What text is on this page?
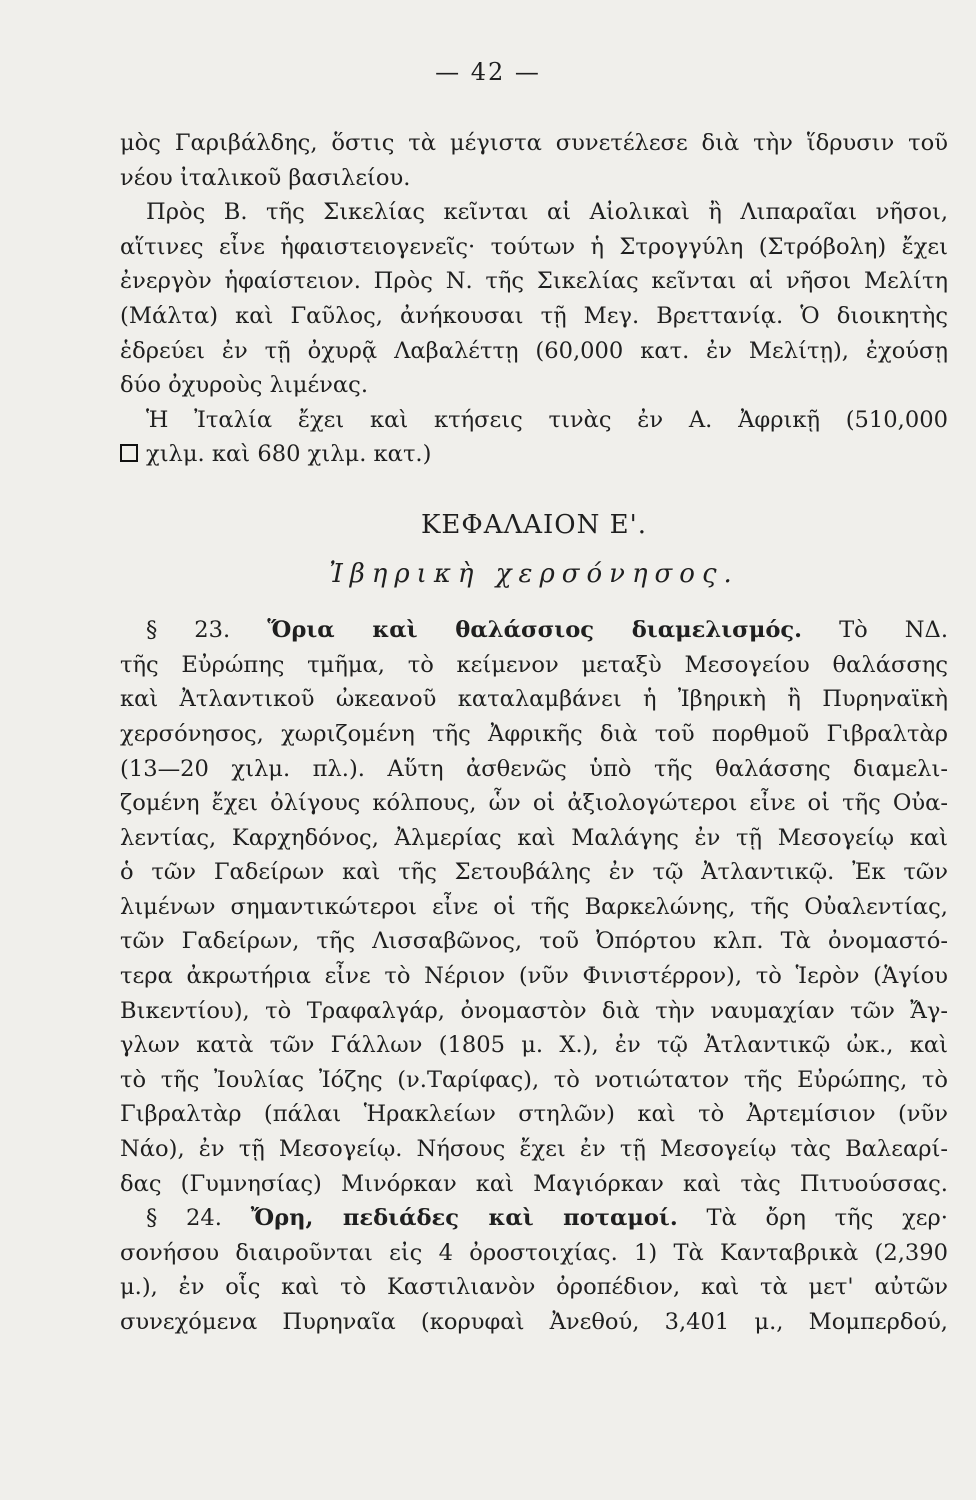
— 42 —
μὸς Γαριβάλδης, ὅστις τὰ μέγιστα συνετέλεσε διὰ τὴν ἵδρυσιν τοῦ
νέου ἰταλικοῦ βασιλείου.
Πρὸς Β. τῆς Σικελίας κεῖνται αἱ Αἰολικαὶ ἢ Λιπαραῖαι νῆσοι,
αἵτινες εἶνε ἡφαιστειογενεῖς· τούτων ἡ Στρογγύλη (Στρόβολη) ἔχει
ἐνεργὸν ἡφαίστειον. Πρὸς Ν. τῆς Σικελίας κεῖνται αἱ νῆσοι Μελίτη
(Μάλτα) καὶ Γαῦλος, ἀνήκουσαι τῇ Μεγ. Βρεττανίᾳ. Ὁ διοικητὴς
ἑδρεύει ἐν τῇ ὀχυρᾷ Λαβαλέττῃ (60,000 κατ. ἐν Μελίτῃ), ἐχούσῃ
δύο ὀχυροὺς λιμένας.
Ἡ Ἰταλία ἔχει καὶ κτήσεις τινὰς ἐν Α. Ἀφρικῇ (510,000
χιλμ. καὶ 680 χιλμ. κατ.)
ΚΕΦΑΛΑΙΟΝ Ε'.
Ἰβηρικὴ χερσόνησος.
§ 23. Ὅρια καὶ θαλάσσιος διαμελισμός. Τὸ ΝΔ.
τῆς Εὐρώπης τμῆμα, τὸ κείμενον μεταξὺ Μεσογείου θαλάσσης
καὶ Ἀτλαντικοῦ ὠκεανοῦ καταλαμβάνει ἡ Ἰβηρικὴ ἢ Πυρηναϊκὴ
χερσόνησος, χωριζομένη τῆς Ἀφρικῆς διὰ τοῦ πορθμοῦ Γιβραλτὰρ
(13—20 χιλμ. πλ.). Αὕτη ἀσθενῶς ὑπὸ τῆς θαλάσσης διαμελι-
ζομένη ἔχει ὀλίγους κόλπους, ὧν οἱ ἀξιολογώτεροι εἶνε οἱ τῆς Οὐα-
λεντίας, Καρχηδόνος, Ἀλμερίας καὶ Μαλάγης ἐν τῇ Μεσογείῳ καὶ
ὁ τῶν Γαδείρων καὶ τῆς Σετουβάλης ἐν τῷ Ἀτλαντικῷ. Ἐκ τῶν
λιμένων σημαντικώτεροι εἶνε οἱ τῆς Βαρκελώνης, τῆς Οὐαλεντίας,
τῶν Γαδείρων, τῆς Λισσαβῶνος, τοῦ Ὀπόρτου κλπ. Τὰ ὀνομαστό-
τερα ἀκρωτήρια εἶνε τὸ Νέριον (νῦν Φινιστέρρον), τὸ Ἱερὸν (Ἁγίου
Βικεντίου), τὸ Τραφαλγάρ, ὀνομαστὸν διὰ τὴν ναυμαχίαν τῶν Ἄγ-
γλων κατὰ τῶν Γάλλων (1805 μ. Χ.), ἐν τῷ Ἀτλαντικῷ ὠκ., καὶ
τὸ τῆς Ἰουλίας Ἰόζης (ν.Ταρίφας), τὸ νοτιώτατον τῆς Εὐρώπης, τὸ
Γιβραλτὰρ (πάλαι Ἡρακλείων στηλῶν) καὶ τὸ Ἀρτεμίσιον (νῦν
Νάο), ἐν τῇ Μεσογείῳ. Νήσους ἔχει ἐν τῇ Μεσογείῳ τὰς Βαλεαρί-
δας (Γυμνησίας) Μινόρκαν καὶ Μαγιόρκαν καὶ τὰς Πιτυούσσας.
§ 24. Ὄρη, πεδιάδες καὶ ποταμοί. Τὰ ὄρη τῆς χερ·
σονήσου διαιροῦνται εἰς 4 ὀροστοιχίας. 1) Τὰ Κανταβρικὰ (2,390
μ.), ἐν οἷς καὶ τὸ Καστιλιανὸν ὀροπέδιον, καὶ τὰ μετ' αὐτῶν
συνεχόμενα Πυρηναῖα (κορυφαὶ Ἀνεθού, 3,401 μ., Μομπερδού,
